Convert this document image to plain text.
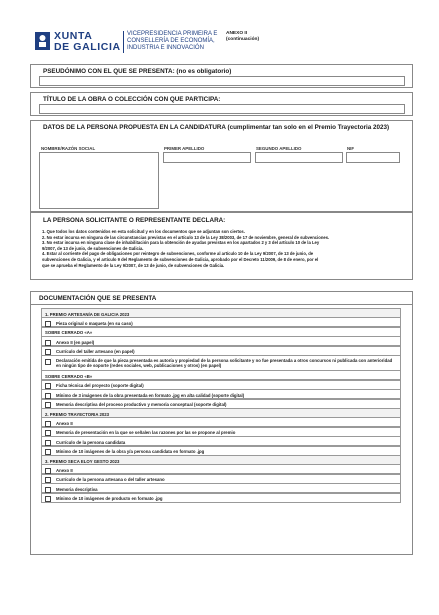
XUNTA
DE GALICIA
VICEPRESIDENCIA PRIMEIRA E
CONSELLERÍA DE ECONOMÍA,
INDUSTRIA E INNOVACIÓN
ANEXO II
(continuación)
PSEUDÓNIMO CON EL QUE SE PRESENTA: (no es obligatorio)
TÍTULO DE LA OBRA O COLECCIÓN CON QUE PARTICIPA:
DATOS DE LA PERSONA PROPUESTA EN LA CANDIDATURA (cumplimentar tan solo en el Premio Trayectoria 2023)
NOMBRE/RAZÓN SOCIAL	PRIMER APELLIDO	SEGUNDO APELLIDO	NIF
LA PERSONA SOLICITANTE O REPRESENTANTE DECLARA:
1. Que todos los datos contenidos en esta solicitud y en los documentos que se adjuntan son ciertos.
2. No estar incursa en ninguna de las circunstancias previstas en el artículo 13 de la Ley 38/2003, de 17 de noviembre, general de subvenciones.
3. No estar incursa en ninguna clase de inhabilitación para la obtención de ayudas previstas en los apartados 2 y 3 del artículo 10 de la Ley
9/2007, de 13 de junio, de subvenciones de Galicia.
4. Estar al corriente del pago de obligaciones por reintegro de subvenciones, conforme al artículo 10 de la Ley 9/2007, de 13 de junio, de
subvenciones de Galicia, y el artículo 9 del Reglamento de subvenciones de Galicia, aprobado por el Decreto 11/2009, de 8 de enero, por el
que se aprueba el Reglamento de la Ley 9/2007, de 13 de junio, de subvenciones de Galicia.
DOCUMENTACIÓN QUE SE PRESENTA
1. PREMIO ARTESANÍA DE GALICIA 2023
Pieza original o maqueta (en su caso)
SOBRE CERRADO «A»
Anexo II (en papel)
Currículo del taller artesano (en papel)
Declaración emitida de que la pieza presentada es autoría y propiedad de la persona solicitante y no fue presentada a otros concursos ni publicada con anterioridad en ningún tipo de soporte (redes sociales, web, publicaciones y otros) (en papel)
SOBRE CERRADO «B»
Ficha técnica del proyecto (soporte digital)
Mínimo de 3 imágenes de la obra presentada en formato .jpg en alta calidad (soporte digital)
Memoria descriptiva del proceso productivo y memoria conceptual (soporte digital)
2. PREMIO TRAYECTORIA 2023
Anexo II
Memoria de presentación en la que se señalen las razones por las se propone al premio
Currículo de la persona candidata
Mínimo de 10 imágenes de la obra y/a persona candidata en formato .jpg
3. PREMIO SECA ELOY GESTO 2023
Anexo II
Currículo de la persona artesana o del taller artesano
Memoria descriptiva
Mínimo de 10 imágenes de producto en formato .jpg
